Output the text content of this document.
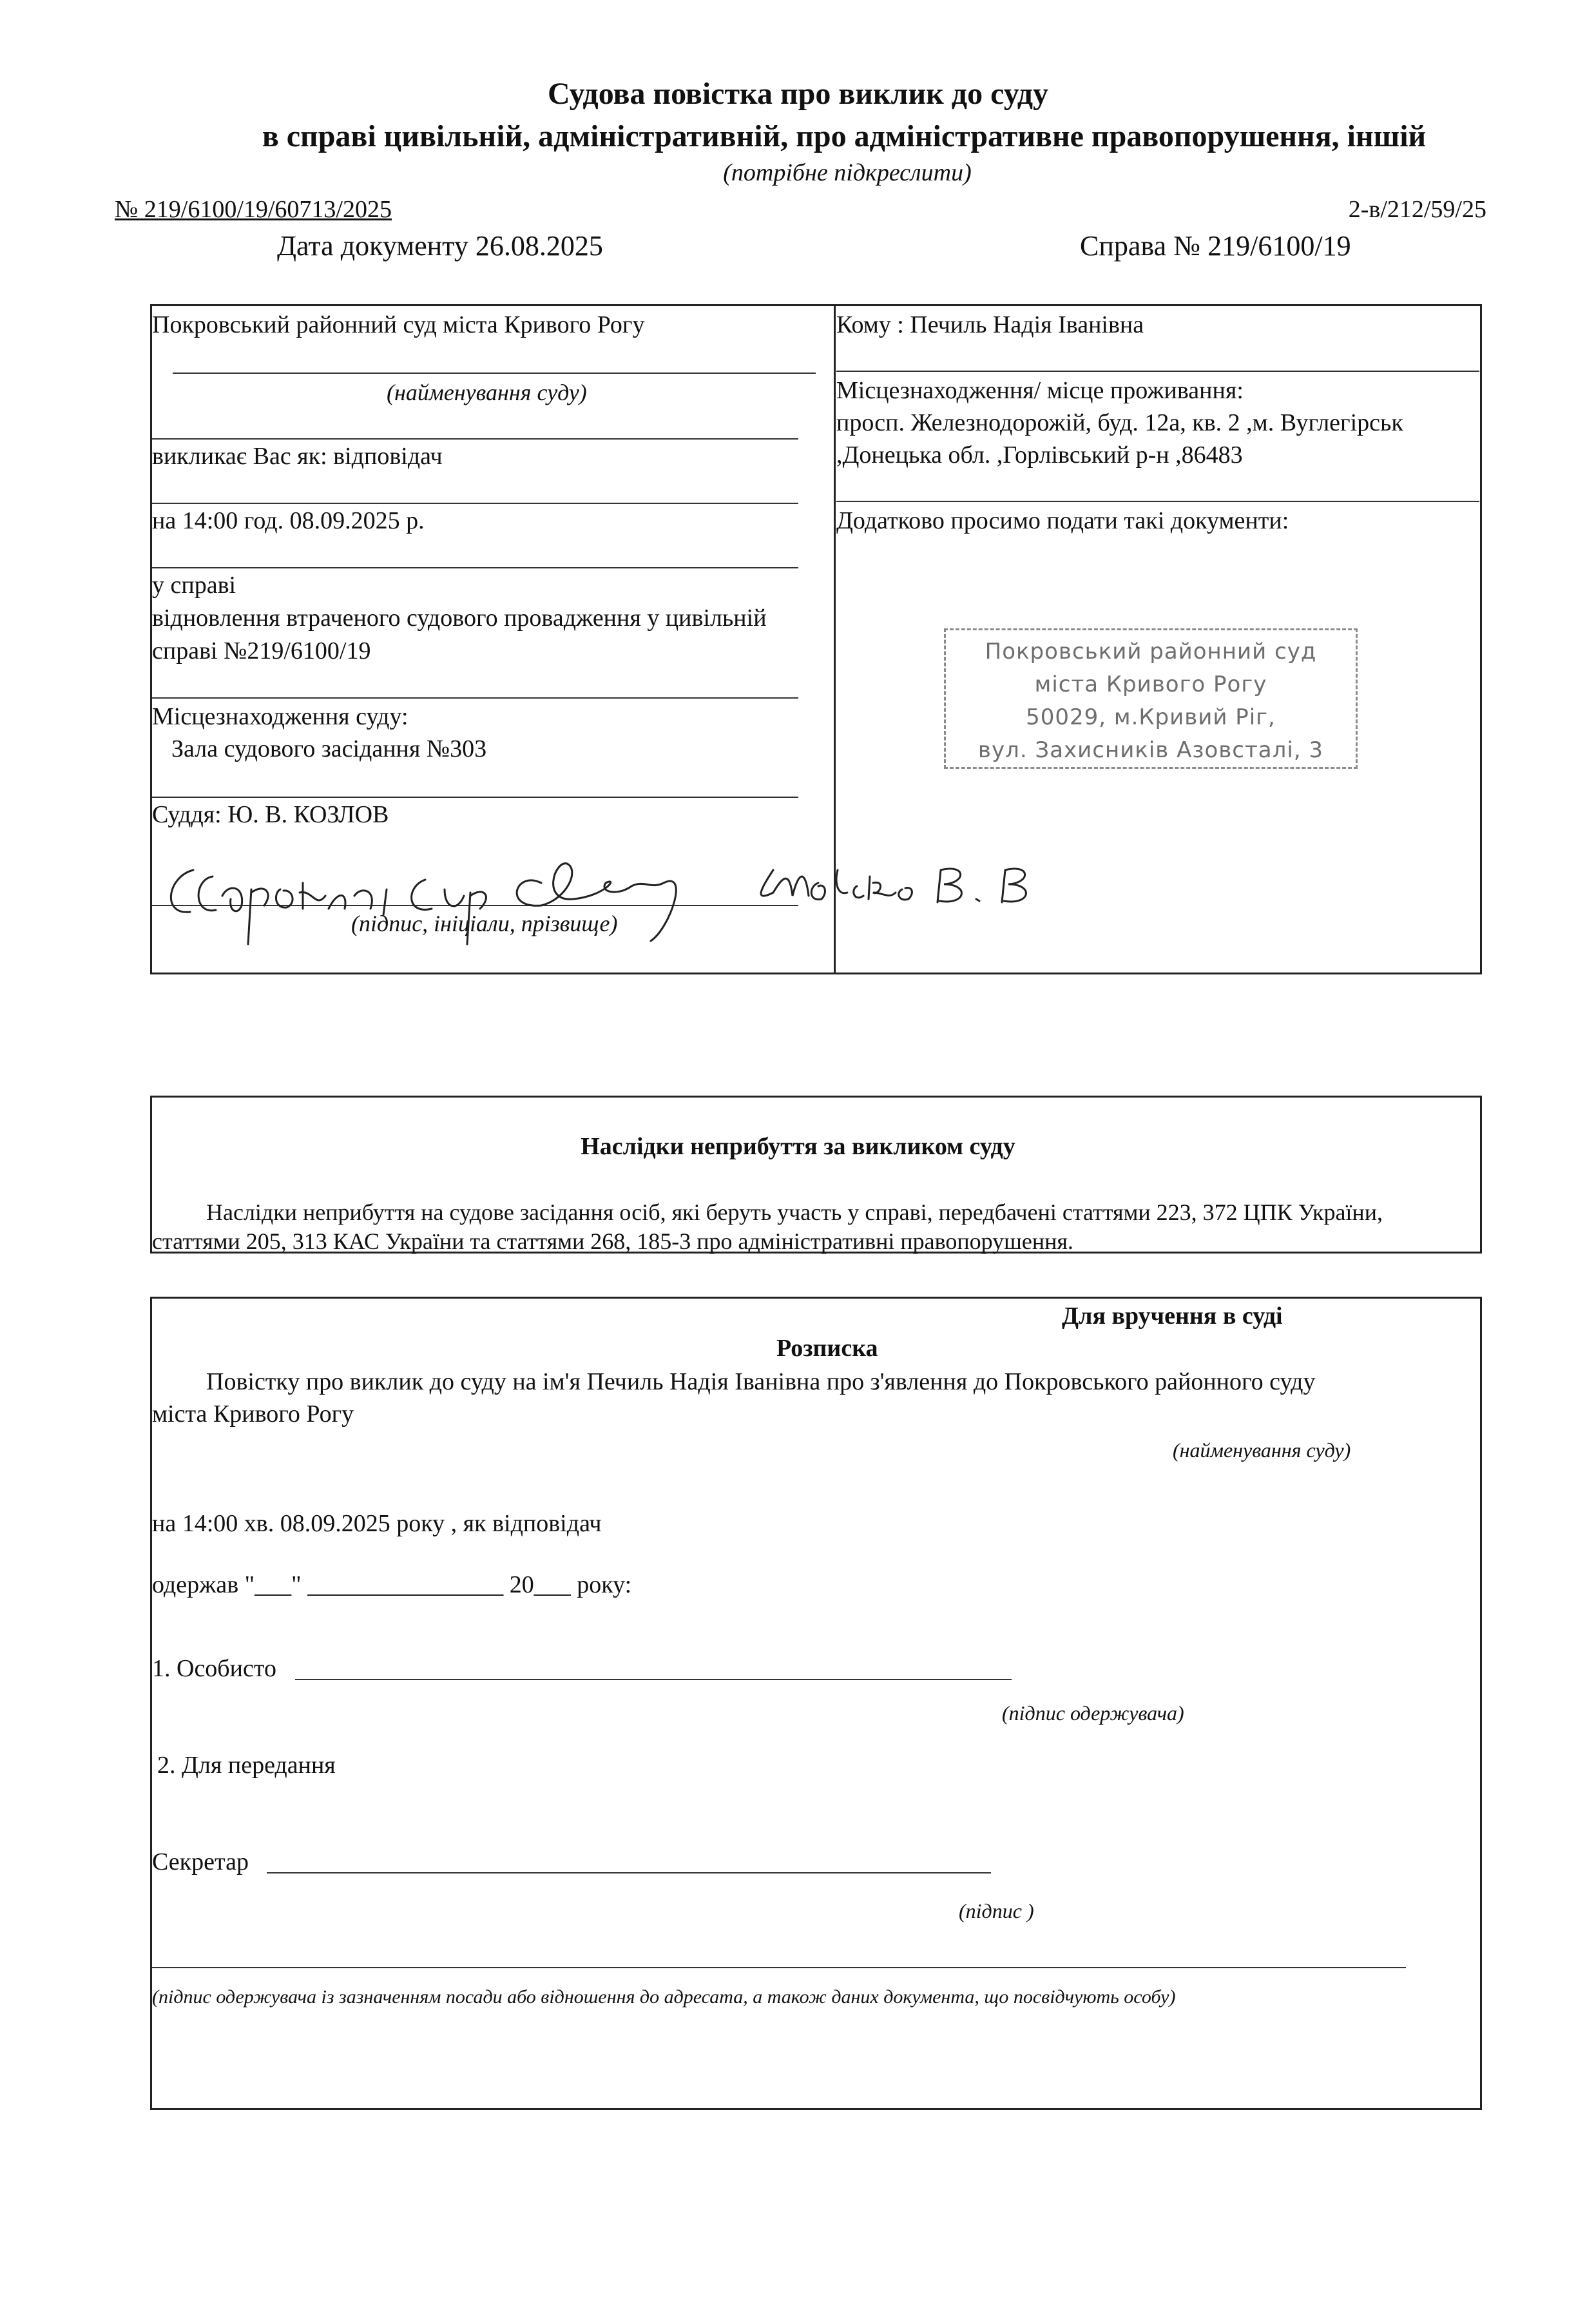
Судова повістка про виклик до суду
в справі цивільній, адміністративній, про адміністративне правопорушення, іншій
(потрібне підкреслити)
№ 219/6100/19/60713/2025	2-в/212/59/25
Дата документу 26.08.2025	Справа № 219/6100/19
Покровський районний суд міста Кривого Рогу
(найменування суду)
викликає Вас як: відповідач
на 14:00 год. 08.09.2025 р.
у справі
відновлення втраченого судового провадження у цивільній
справі №219/6100/19
Місцезнаходження суду:
Зала судового засідання №303
Суддя: Ю. В. КОЗЛОВ
(підпис, ініціали, прізвище)
Кому : Печиль Надія Іванівна
Місцезнаходження/ місце проживання:
просп. Железнодорожій, буд. 12а, кв. 2 ,м. Вуглегірськ
,Донецька обл. ,Горлівський р-н ,86483
Додатково просимо подати такі документи:
Покровський районний суд
міста Кривого Рогу
50029, м.Кривий Ріг,
вул. Захисників Азовсталі, 3
Наслідки неприбуття за викликом суду
Наслідки неприбуття на судове засідання осіб, які беруть участь у справі, передбачені статтями 223, 372 ЦПК України,
статтями 205, 313 КАС України та статтями 268, 185-3 про адміністративні правопорушення.
Для вручення в суді
Розписка
Повістку про виклик до суду на ім'я Печиль Надія Іванівна про з'явлення до Покровського районного суду
міста Кривого Рогу
(найменування суду)
на 14:00 хв. 08.09.2025 року , як відповідач
одержав "___" ________________ 20___ року:
1. Особисто
(підпис одержувача)
2. Для передання
Секретар
(підпис )
(підпис одержувача із зазначенням посади або відношення до адресата, а також даних документа, що посвідчують особу)
